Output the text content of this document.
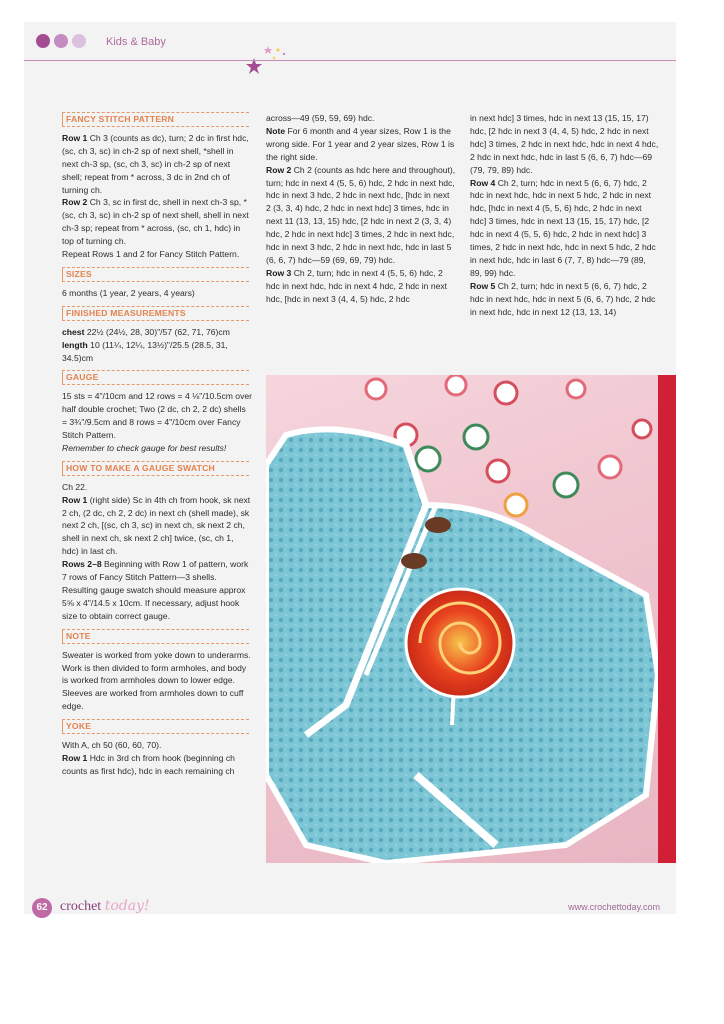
Kids & Baby
FANCY STITCH PATTERN

Row 1 Ch 3 (counts as dc), turn; 2 dc in first hdc, (sc, ch 3, sc) in ch-2 sp of next shell, *shell in next ch-3 sp, (sc, ch 3, sc) in ch-2 sp of next shell; repeat from * across, 3 dc in 2nd ch of turning ch.

Row 2 Ch 3, sc in first dc, shell in next ch-3 sp, *(sc, ch 3, sc) in ch-2 sp of next shell, shell in next ch-3 sp; repeat from * across, (sc, ch 1, hdc) in top of turning ch.

Repeat Rows 1 and 2 for Fancy Stitch Pattern.

SIZES

6 months (1 year, 2 years, 4 years)

FINISHED MEASUREMENTS

chest 22½ (24½, 28, 30)"/57 (62, 71, 76)cm

length 10 (11¼, 12¼, 13½)"/25.5 (28.5, 31, 34.5)cm

GAUGE

15 sts = 4"/10cm and 12 rows = 4 ⅛"/10.5cm over half double crochet; Two (2 dc, ch 2, 2 dc) shells = 3¾"/9.5cm and 8 rows = 4"/10cm over Fancy Stitch Pattern.

Remember to check gauge for best results!

HOW TO MAKE A GAUGE SWATCH

Ch 22.

Row 1 (right side) Sc in 4th ch from hook, sk next 2 ch, (2 dc, ch 2, 2 dc) in next ch (shell made), sk next 2 ch, [(sc, ch 3, sc) in next ch, sk next 2 ch, shell in next ch, sk next 2 ch] twice, (sc, ch 1, hdc) in last ch.

Rows 2–8 Beginning with Row 1 of pattern, work 7 rows of Fancy Stitch Pattern—3 shells. Resulting gauge swatch should measure approx 5⅝ x 4"/14.5 x 10cm. If necessary, adjust hook size to obtain correct gauge.

NOTE

Sweater is worked from yoke down to underarms. Work is then divided to form armholes, and body is worked from armholes down to lower edge. Sleeves are worked from armholes down to cuff edge.

YOKE

With A, ch 50 (60, 60, 70).

Row 1 Hdc in 3rd ch from hook (beginning ch counts as first hdc), hdc in each remaining ch

across—49 (59, 59, 69) hdc.

Note For 6 month and 4 year sizes, Row 1 is the wrong side. For 1 year and 2 year sizes, Row 1 is the right side.

Row 2 Ch 2 (counts as hdc here and throughout), turn; hdc in next 4 (5, 5, 6) hdc, 2 hdc in next hdc, hdc in next 3 hdc, 2 hdc in next hdc, [hdc in next 2 (3, 3, 4) hdc, 2 hdc in next hdc] 3 times, hdc in next 11 (13, 13, 15) hdc, [2 hdc in next 2 (3, 3, 4) hdc, 2 hdc in next hdc] 3 times, 2 hdc in next hdc, hdc in next 3 hdc, 2 hdc in next hdc, hdc in last 5 (6, 6, 7) hdc—59 (69, 69, 79) hdc.

Row 3 Ch 2, turn; hdc in next 4 (5, 5, 6) hdc, 2 hdc in next hdc, hdc in next 4 hdc, 2 hdc in next hdc, [hdc in next 3 (4, 4, 5) hdc, 2 hdc

in next hdc] 3 times, hdc in next 13 (15, 15, 17) hdc, [2 hdc in next 3 (4, 4, 5) hdc, 2 hdc in next hdc] 3 times, 2 hdc in next hdc, hdc in next 4 hdc, 2 hdc in next hdc, hdc in last 5 (6, 6, 7) hdc—69 (79, 79, 89) hdc.

Row 4 Ch 2, turn; hdc in next 5 (6, 6, 7) hdc, 2 hdc in next hdc, hdc in next 5 hdc, 2 hdc in next hdc, [hdc in next 4 (5, 5, 6) hdc, 2 hdc in next hdc] 3 times, hdc in next 13 (15, 15, 17) hdc, [2 hdc in next 4 (5, 5, 6) hdc, 2 hdc in next hdc] 3 times, 2 hdc in next hdc, hdc in next 5 hdc, 2 hdc in next hdc, hdc in last 6 (7, 7, 8) hdc—79 (89, 89, 99) hdc.

Row 5 Ch 2, turn; hdc in next 5 (6, 6, 7) hdc, 2 hdc in next hdc, hdc in next 5 (6, 6, 7) hdc, 2 hdc in next hdc, hdc in next 12 (13, 13, 14)

62 crochet today!	www.crochettoday.com
